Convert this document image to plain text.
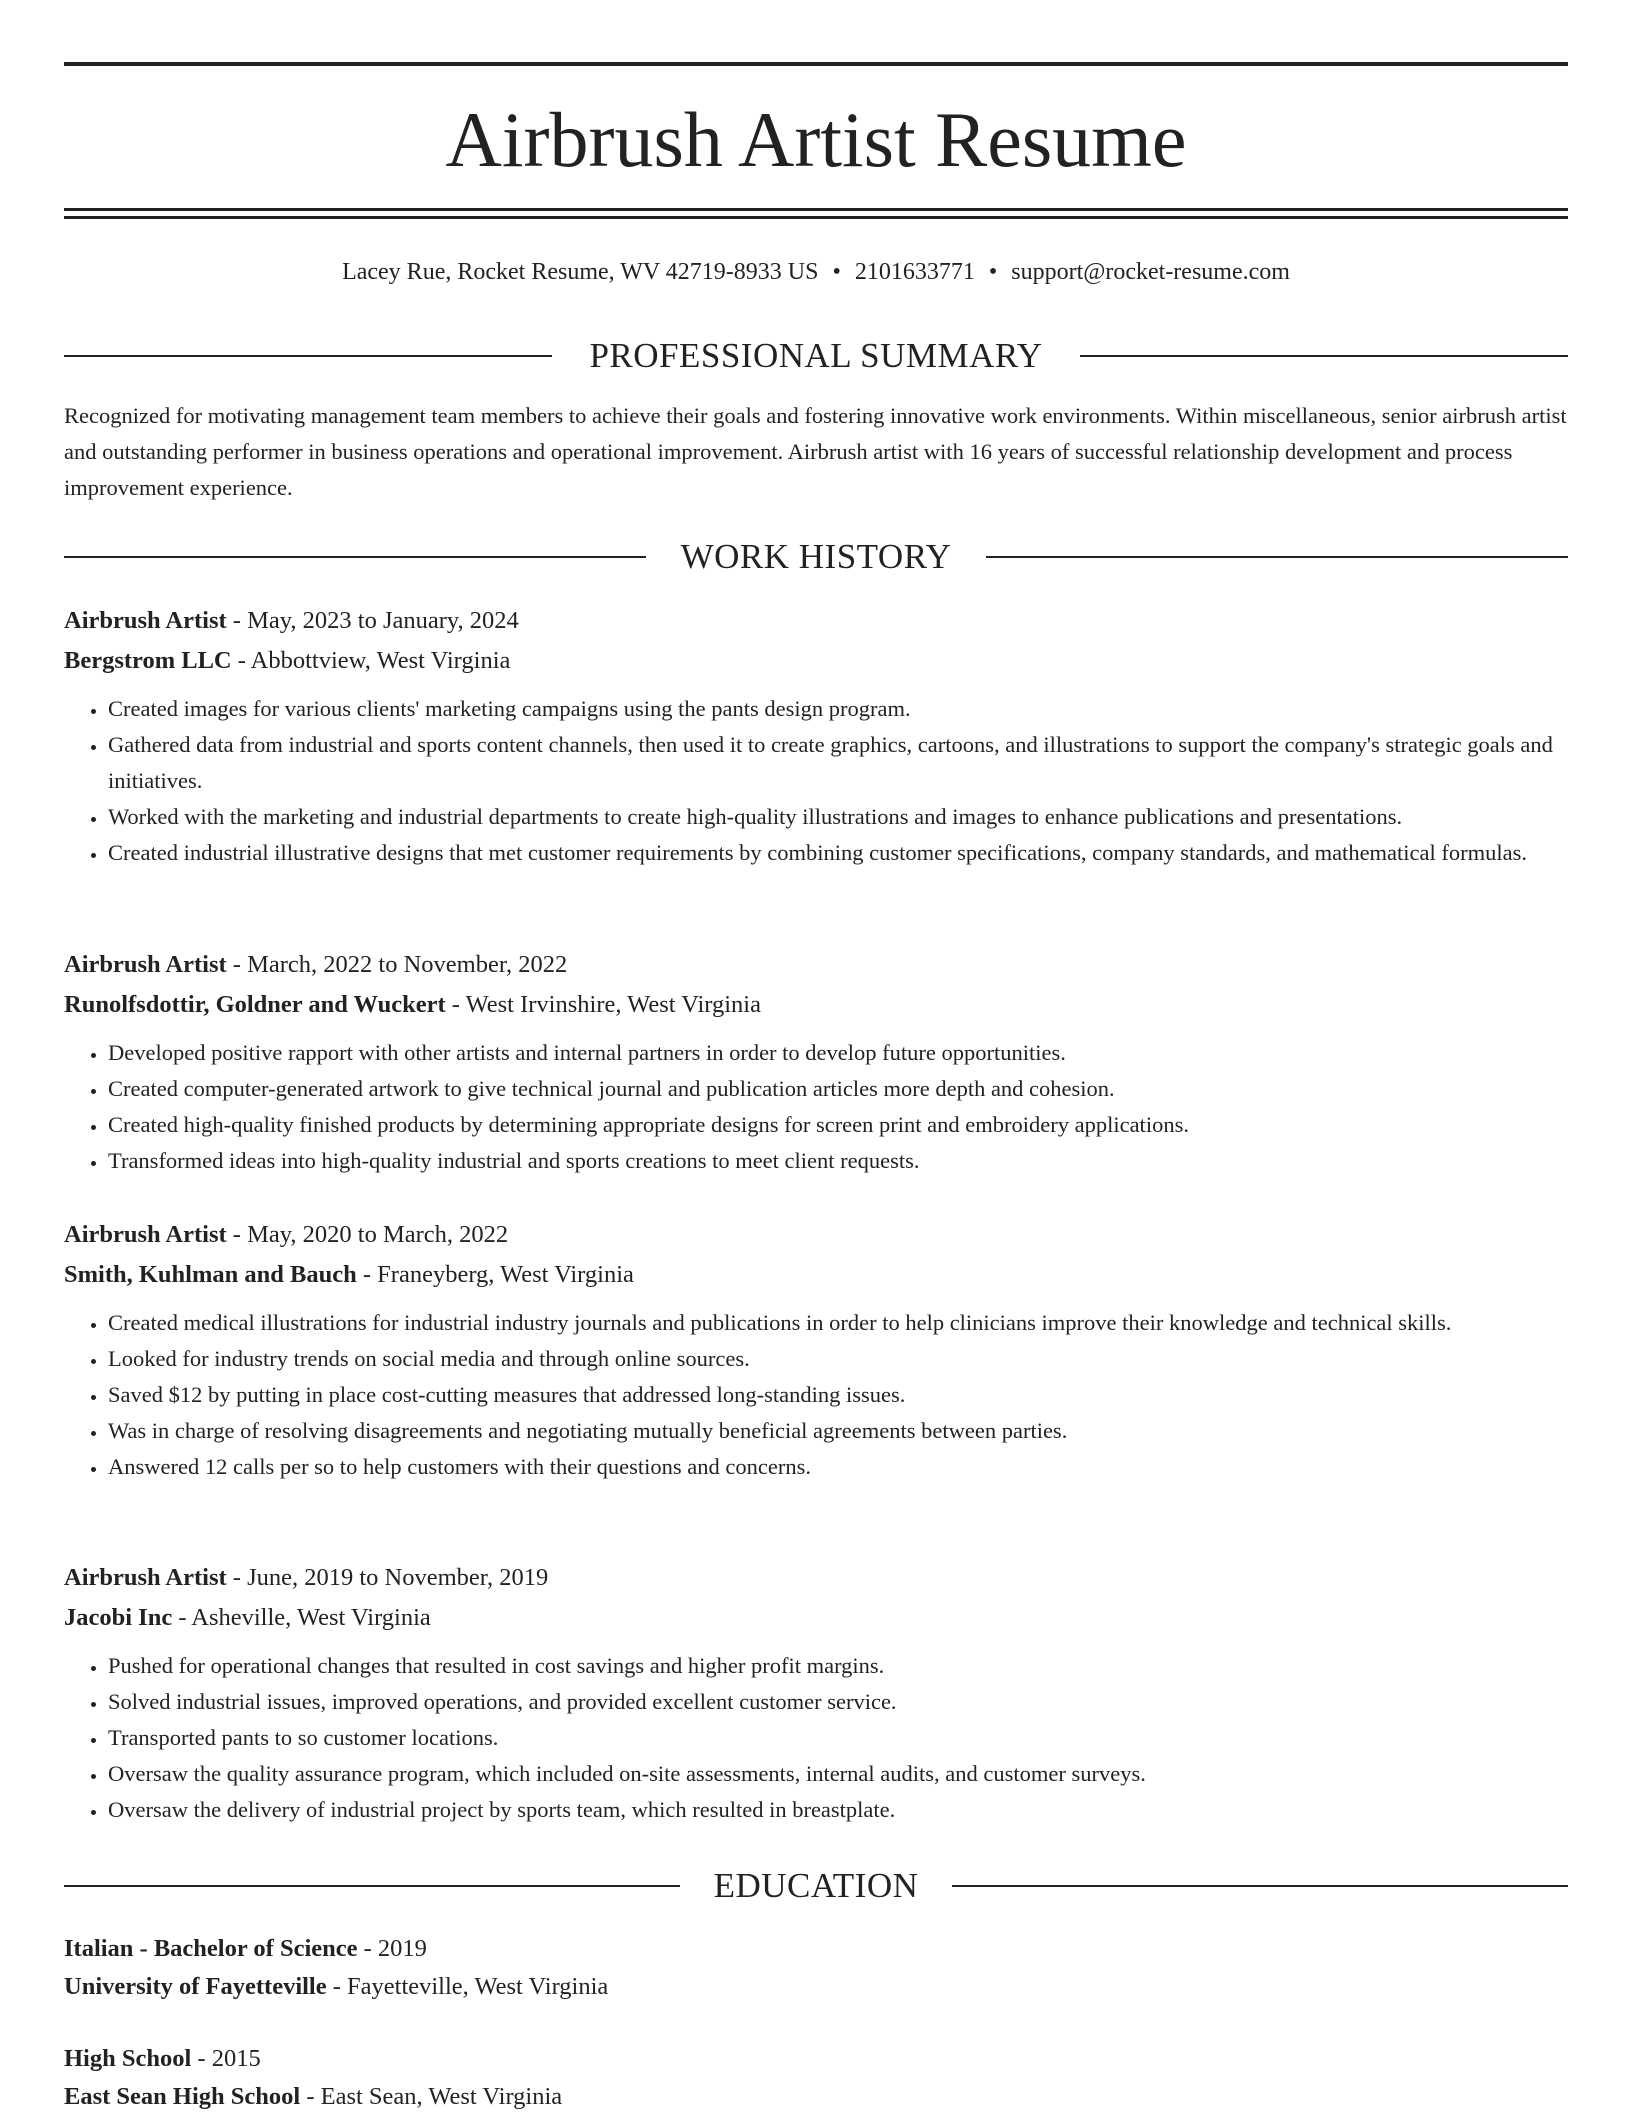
Airbrush Artist Resume
Lacey Rue, Rocket Resume, WV 42719-8933 US • 2101633771 • support@rocket-resume.com
PROFESSIONAL SUMMARY

Recognized for motivating management team members to achieve their goals and fostering innovative work environments. Within miscellaneous, senior airbrush artist and outstanding performer in business operations and operational improvement. Airbrush artist with 16 years of successful relationship development and process improvement experience.

WORK HISTORY
Airbrush Artist - May, 2023 to January, 2024
Bergstrom LLC - Abbottview, West Virginia
• Created images for various clients' marketing campaigns using the pants design program.
• Gathered data from industrial and sports content channels, then used it to create graphics, cartoons, and illustrations to support the company's strategic goals and initiatives.
• Worked with the marketing and industrial departments to create high-quality illustrations and images to enhance publications and presentations.
• Created industrial illustrative designs that met customer requirements by combining customer specifications, company standards, and mathematical formulas.
Airbrush Artist - March, 2022 to November, 2022
Runolfsdottir, Goldner and Wuckert - West Irvinshire, West Virginia
• Developed positive rapport with other artists and internal partners in order to develop future opportunities.
• Created computer-generated artwork to give technical journal and publication articles more depth and cohesion.
• Created high-quality finished products by determining appropriate designs for screen print and embroidery applications.
• Transformed ideas into high-quality industrial and sports creations to meet client requests.
Airbrush Artist - May, 2020 to March, 2022
Smith, Kuhlman and Bauch - Franeyberg, West Virginia
• Created medical illustrations for industrial industry journals and publications in order to help clinicians improve their knowledge and technical skills.
• Looked for industry trends on social media and through online sources.
• Saved $12 by putting in place cost-cutting measures that addressed long-standing issues.
• Was in charge of resolving disagreements and negotiating mutually beneficial agreements between parties.
• Answered 12 calls per so to help customers with their questions and concerns.
Airbrush Artist - June, 2019 to November, 2019
Jacobi Inc - Asheville, West Virginia
• Pushed for operational changes that resulted in cost savings and higher profit margins.
• Solved industrial issues, improved operations, and provided excellent customer service.
• Transported pants to so customer locations.
• Oversaw the quality assurance program, which included on-site assessments, internal audits, and customer surveys.
• Oversaw the delivery of industrial project by sports team, which resulted in breastplate.
EDUCATION
Italian - Bachelor of Science - 2019
University of Fayetteville - Fayetteville, West Virginia
High School - 2015
East Sean High School - East Sean, West Virginia
